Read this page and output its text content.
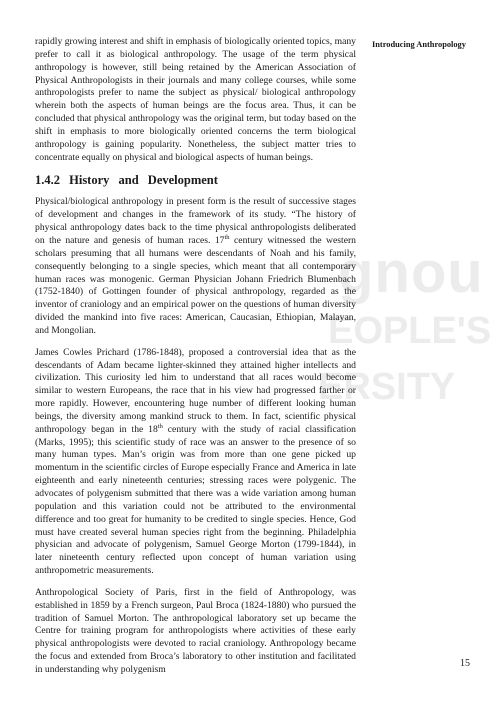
gnou
EOPLE'S
ERSITY
Introducing Anthropology

rapidly growing interest and shift in emphasis of biologically oriented topics, many prefer to call it as biological anthropology. The usage of the term physical anthropology is however, still being retained by the American Association of Physical Anthropologists in their journals and many college courses, while some anthropologists prefer to name the subject as physical/ biological anthropology wherein both the aspects of human beings are the focus area. Thus, it can be concluded that physical anthropology was the original term, but today based on the shift in emphasis to more biologically oriented concerns the term biological anthropology is gaining popularity. Nonetheless, the subject matter tries to concentrate equally on physical and biological aspects of human beings.

1.4.2 History and Development

Physical/biological anthropology in present form is the result of successive stages of development and changes in the framework of its study. “The history of physical anthropology dates back to the time physical anthropologists deliberated on the nature and genesis of human races. 17th century witnessed the western scholars presuming that all humans were descendants of Noah and his family, consequently belonging to a single species, which meant that all contemporary human races was monogenic. German Physician Johann Friedrich Blumenbach (1752-1840) of Gottingen founder of physical anthropology, regarded as the inventor of craniology and an empirical power on the questions of human diversity divided the mankind into five races: American, Caucasian, Ethiopian, Malayan, and Mongolian.

James Cowles Prichard (1786-1848), proposed a controversial idea that as the descendants of Adam became lighter-skinned they attained higher intellects and civilization. This curiosity led him to understand that all races would become similar to western Europeans, the race that in his view had progressed farther or more rapidly. However, encountering huge number of different looking human beings, the diversity among mankind struck to them. In fact, scientific physical anthropology began in the 18th century with the study of racial classification (Marks, 1995); this scientific study of race was an answer to the presence of so many human types. Man’s origin was from more than one gene picked up momentum in the scientific circles of Europe especially France and America in late eighteenth and early nineteenth centuries; stressing races were polygenic. The advocates of polygenism submitted that there was a wide variation among human population and this variation could not be attributed to the environmental difference and too great for humanity to be credited to single species. Hence, God must have created several human species right from the beginning. Philadelphia physician and advocate of polygenism, Samuel George Morton (1799-1844), in later nineteenth century reflected upon concept of human variation using anthropometric measurements.

Anthropological Society of Paris, first in the field of Anthropology, was established in 1859 by a French surgeon, Paul Broca (1824-1880) who pursued the tradition of Samuel Morton. The anthropological laboratory set up became the Centre for training program for anthropologists where activities of these early physical anthropologists were devoted to racial craniology. Anthropology became the focus and extended from Broca’s laboratory to other institution and facilitated in understanding why polygenism

15
